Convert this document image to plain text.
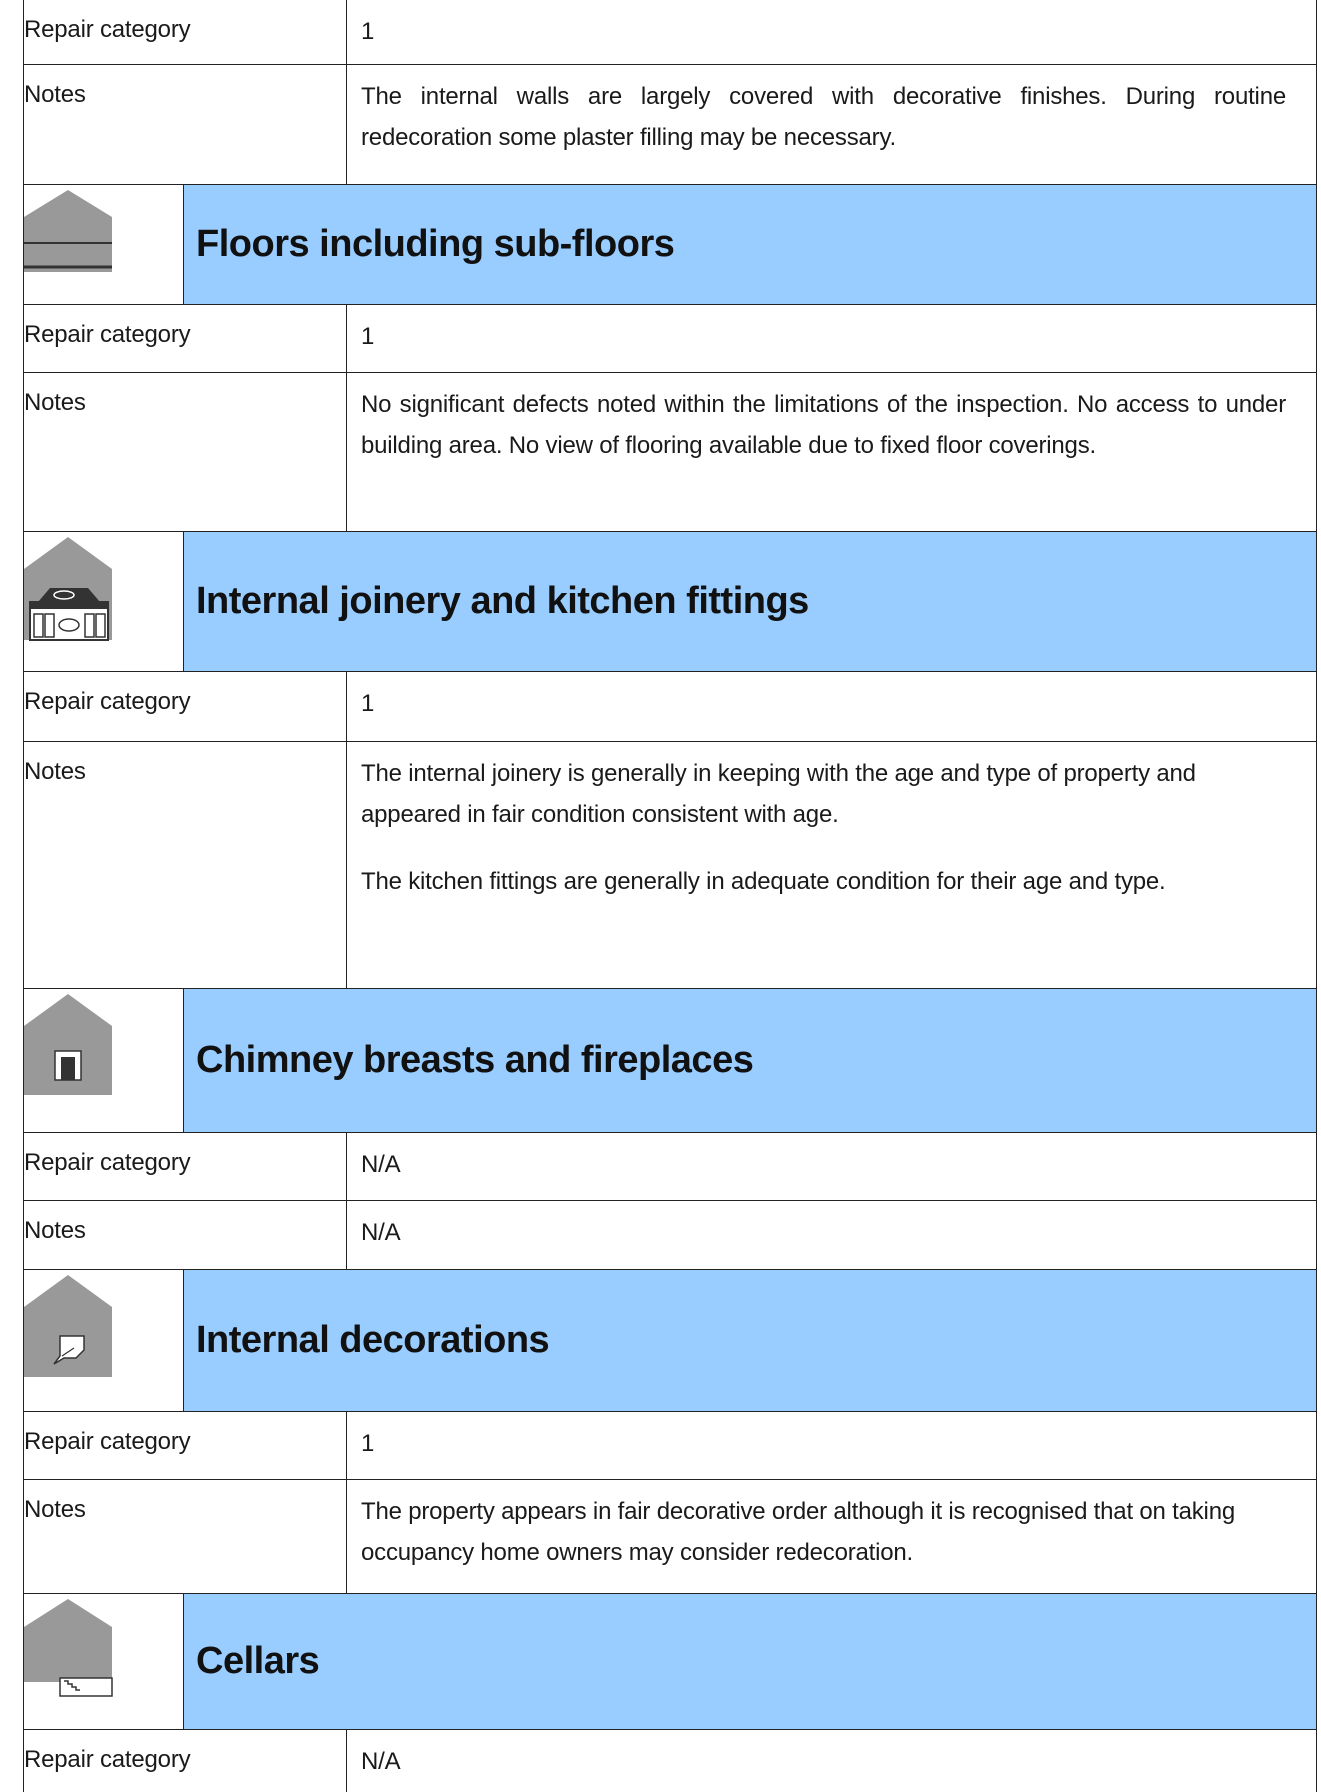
Repair category	1
Notes	The internal walls are largely covered with decorative finishes. During routine redecoration some plaster filling may be necessary.
Floors including sub-floors
Repair category	1
Notes	No significant defects noted within the limitations of the inspection. No access to under building area. No view of flooring available due to fixed floor coverings.
Internal joinery and kitchen fittings
Repair category	1
Notes	The internal joinery is generally in keeping with the age and type of property and appeared in fair condition consistent with age.

The kitchen fittings are generally in adequate condition for their age and type.

Chimney breasts and fireplaces
Repair category	N/A
Notes	N/A
Internal decorations
Repair category	1
Notes	The property appears in fair decorative order although it is recognised that on taking occupancy home owners may consider redecoration.
Cellars
Repair category	N/A
